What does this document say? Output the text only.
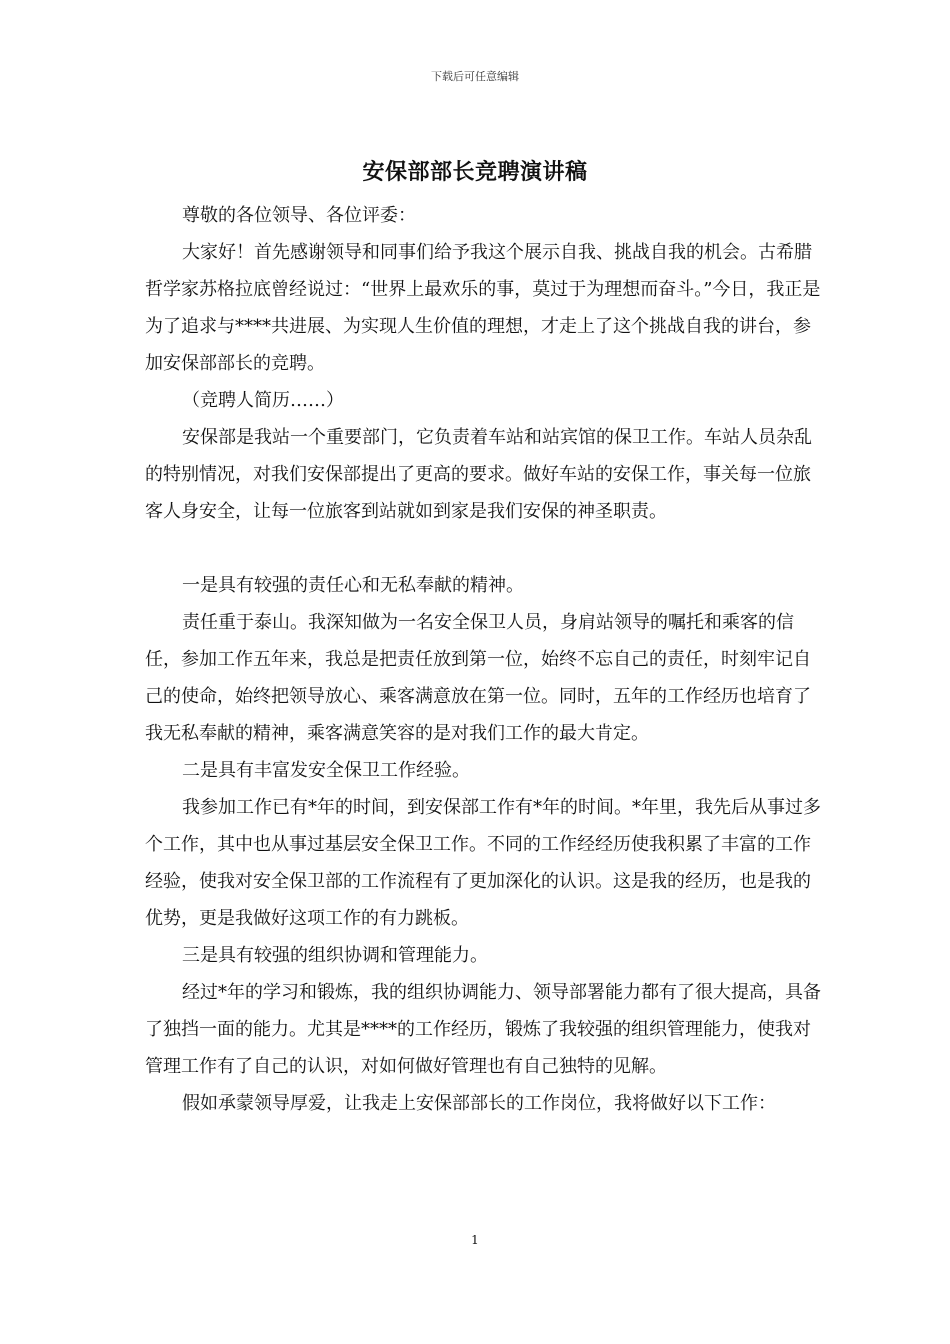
下载后可任意编辑
安保部部长竞聘演讲稿

尊敬的各位领导、各位评委：

大家好！首先感谢领导和同事们给予我这个展示自我、挑战自我的机会。古希腊哲学家苏格拉底曾经说过：“世界上最欢乐的事，莫过于为理想而奋斗。”今日，我正是为了追求与****共进展、为实现人生价值的理想，才走上了这个挑战自我的讲台，参加安保部部长的竞聘。

（竞聘人简历……）

安保部是我站一个重要部门，它负责着车站和站宾馆的保卫工作。车站人员杂乱的特别情况，对我们安保部提出了更高的要求。做好车站的安保工作，事关每一位旅客人身安全，让每一位旅客到站就如到家是我们安保的神圣职责。

一是具有较强的责任心和无私奉献的精神。

责任重于泰山。我深知做为一名安全保卫人员，身肩站领导的嘱托和乘客的信任，参加工作五年来，我总是把责任放到第一位，始终不忘自己的责任，时刻牢记自己的使命，始终把领导放心、乘客满意放在第一位。同时，五年的工作经历也培育了我无私奉献的精神，乘客满意笑容的是对我们工作的最大肯定。

二是具有丰富发安全保卫工作经验。

我参加工作已有*年的时间，到安保部工作有*年的时间。*年里，我先后从事过多个工作，其中也从事过基层安全保卫工作。不同的工作经经历使我积累了丰富的工作经验，使我对安全保卫部的工作流程有了更加深化的认识。这是我的经历，也是我的优势，更是我做好这项工作的有力跳板。

三是具有较强的组织协调和管理能力。

经过*年的学习和锻炼，我的组织协调能力、领导部署能力都有了很大提高，具备了独挡一面的能力。尤其是****的工作经历，锻炼了我较强的组织管理能力，使我对管理工作有了自己的认识，对如何做好管理也有自己独特的见解。

假如承蒙领导厚爱，让我走上安保部部长的工作岗位，我将做好以下工作：

1
